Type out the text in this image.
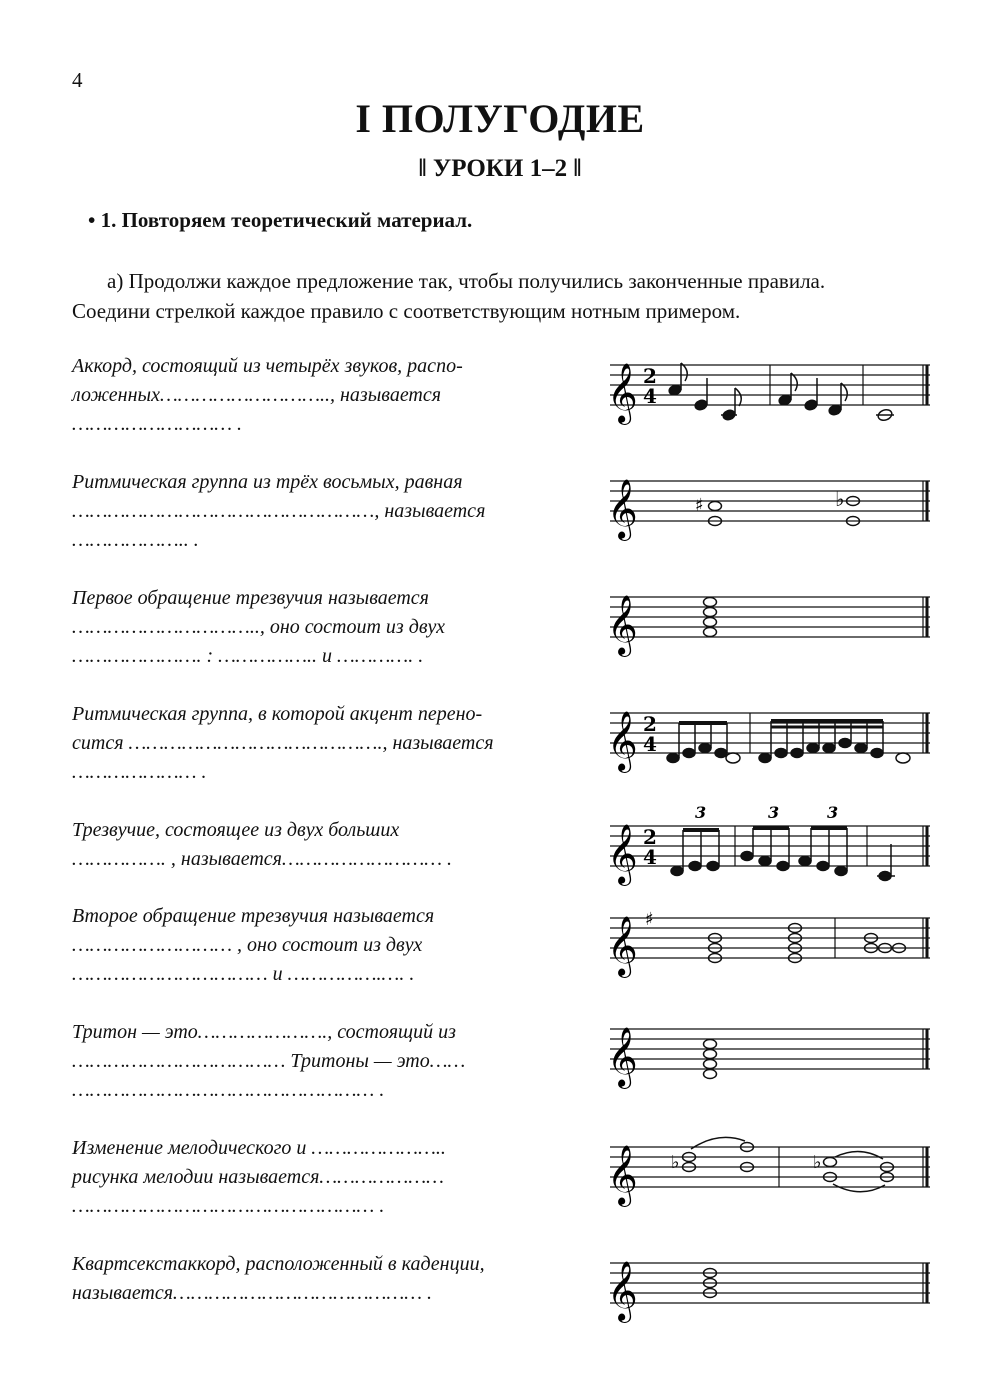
4
I ПОЛУГОДИЕ
‖ УРОКИ 1–2 ‖
• 1. Повторяем теоретический материал.
а) Продолжи каждое предложение так, чтобы получились законченные правила.
Соедини стрелкой каждое правило с соответствующим нотным примером.
Аккорд, состоящий из четырёх звуков, распо-
ложенных……………………….., называется
……………………… .
Ритмическая группа из трёх восьмых, равная
……………………………………………, называется
……………….. .
Первое обращение трезвучия называется
………………………….., оно состоит из двух
…………………. : …………….. и …………. .
Ритмическая группа, в которой акцент перено-
сится ……………………………………., называется
………………… .
Трезвучие, состоящее из двух больших
……………. , называется……………………… .
Второе обращение трезвучия называется
……………………… , оно состоит из двух
…………………………… и …………….…. .
Тритон — это…………………., состоящий из
……………………………… Тритоны — это……
…………………………………………… .
Изменение мелодического и …………………..
рисунка мелодии называется…………………
…………………………………………… .
Квартсекстаккорд, расположенный в каденции,
называется…………………………………… .
𝄞 2
4
𝄞	♯	♭
𝄞
𝄞 2
4
𝄞 2
4
3	3	3
𝄞 ♯
𝄞
𝄞 ♭	♭
𝄞
